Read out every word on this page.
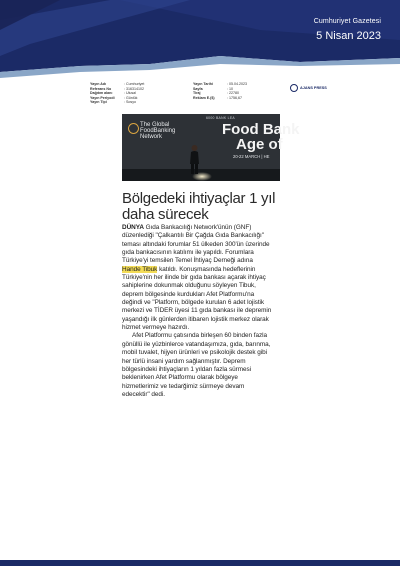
Cumhuriyet Gazetesi
5 Nisan 2023
Yayın Adı	: Cumhuriyet
Referans No	: 316314102
Dağıtım alanı	: Ulusal
Yayın Periyodi	: Günlük
Yayın Tipi	: Sosyo
Yayın Tarihi	: 05.04.2023
Sayfa	: 10
Tiraj	: 22780
Reklam E.($)	: 1756,67
AJANS PRESS
6000 BANK LEA
The Global
FoodBanking
Network	Food Bank
Age of
20-22 MARCH | HE
Bölgedeki ihtiyaçlar 1 yıl daha sürecek

DÜNYA Gıda Bankacılığı Network'ünün (GNF) düzenlediği "Çalkantılı Bir Çağda Gıda Bankacılığı" teması altındaki forumlar 51 ülkeden 300'ün üzerinde gıda bankacısının katılımı ile yapıldı. Forumlara Türkiye'yi temsilen Temel İhtiyaç Derneği adına Hande Tibuk katıldı. Konuşmasında hedeflerinin Türkiye'nin her ilinde bir gıda bankası açarak ihtiyaç sahiplerine dokunmak olduğunu söyleyen Tibuk, deprem bölgesinde kurdukları Afet Platformu'na değindi ve "Platform, bölgede kurulan 6 adet lojistik merkezi ve TİDER üyesi 11 gıda bankası ile depremin yaşandığı ilk günlerden itibaren lojistik merkez olarak hizmet vermeye hazırdı.

Afet Platformu çatısında birleşen 60 binden fazla gönüllü ile yüzbinlerce vatandaşımıza, gıda, barınma, mobil tuvalet, hijyen ürünleri ve psikolojik destek gibi her türlü insani yardım sağlanmıştır. Deprem bölgesindeki ihtiyaçların 1 yıldan fazla sürmesi beklenirken Afet Platformu olarak bölgeye hizmetlerimiz ve tedarğimiz sürmeye devam edecektir" dedi.
